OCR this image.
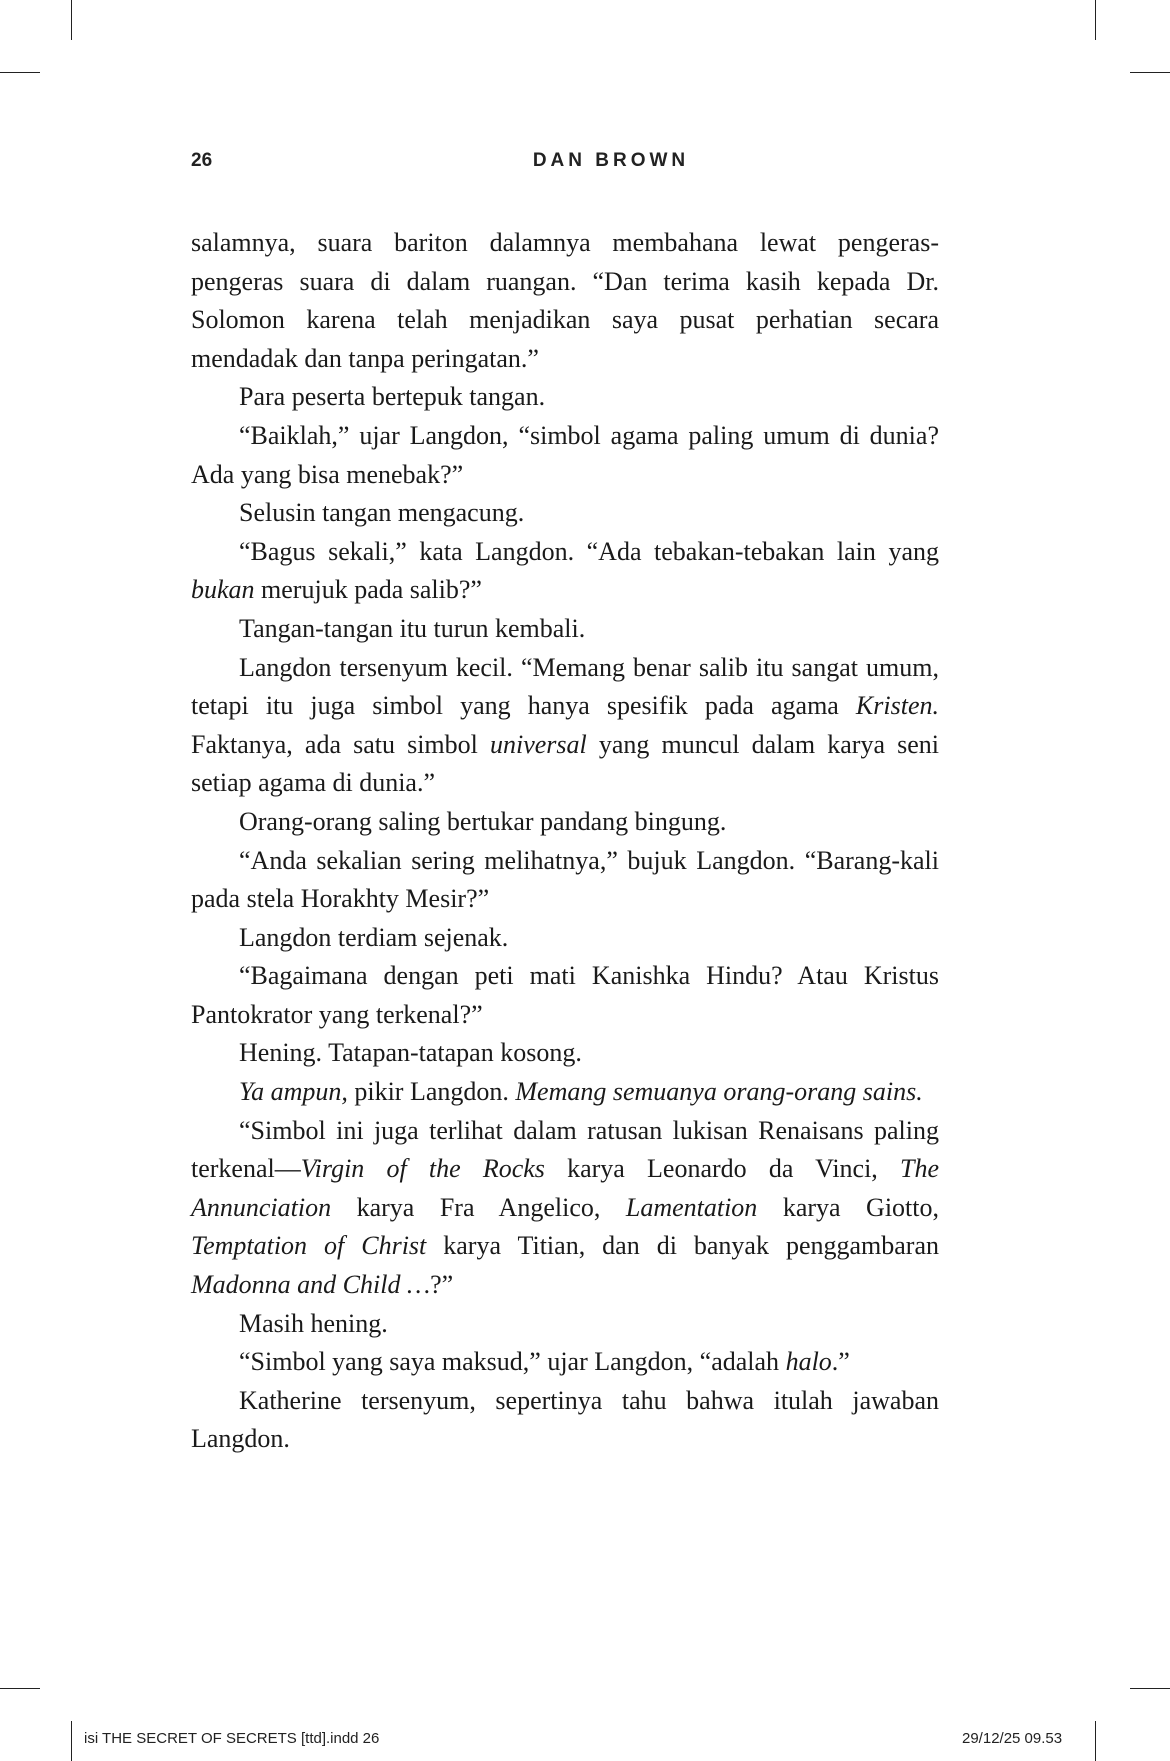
26	DAN BROWN

salamnya, suara bariton dalamnya membahana lewat pengeras-pengeras suara di dalam ruangan. “Dan terima kasih kepada Dr. Solomon karena telah menjadikan saya pusat perhatian secara mendadak dan tanpa peringatan.”

Para peserta bertepuk tangan.

“Baiklah,” ujar Langdon, “simbol agama paling umum di dunia? Ada yang bisa menebak?”

Selusin tangan mengacung.

“Bagus sekali,” kata Langdon. “Ada tebakan-tebakan lain yang bukan merujuk pada salib?”

Tangan-tangan itu turun kembali.

Langdon tersenyum kecil. “Memang benar salib itu sangat umum, tetapi itu juga simbol yang hanya spesifik pada agama Kristen. Faktanya, ada satu simbol universal yang muncul dalam karya seni setiap agama di dunia.”

Orang-orang saling bertukar pandang bingung.

“Anda sekalian sering melihatnya,” bujuk Langdon. “Barang-kali pada stela Horakhty Mesir?”

Langdon terdiam sejenak.

“Bagaimana dengan peti mati Kanishka Hindu? Atau Kristus Pantokrator yang terkenal?”

Hening. Tatapan-tatapan kosong.

Ya ampun, pikir Langdon. Memang semuanya orang-orang sains.

“Simbol ini juga terlihat dalam ratusan lukisan Renaisans paling terkenal—Virgin of the Rocks karya Leonardo da Vinci, The Annunciation karya Fra Angelico, Lamentation karya Giotto, Temptation of Christ karya Titian, dan di banyak penggambaran Madonna and Child …?”

Masih hening.

“Simbol yang saya maksud,” ujar Langdon, “adalah halo.”

Katherine tersenyum, sepertinya tahu bahwa itulah jawaban Langdon.

isi THE SECRET OF SECRETS [ttd].indd 26	29/12/25 09.53
